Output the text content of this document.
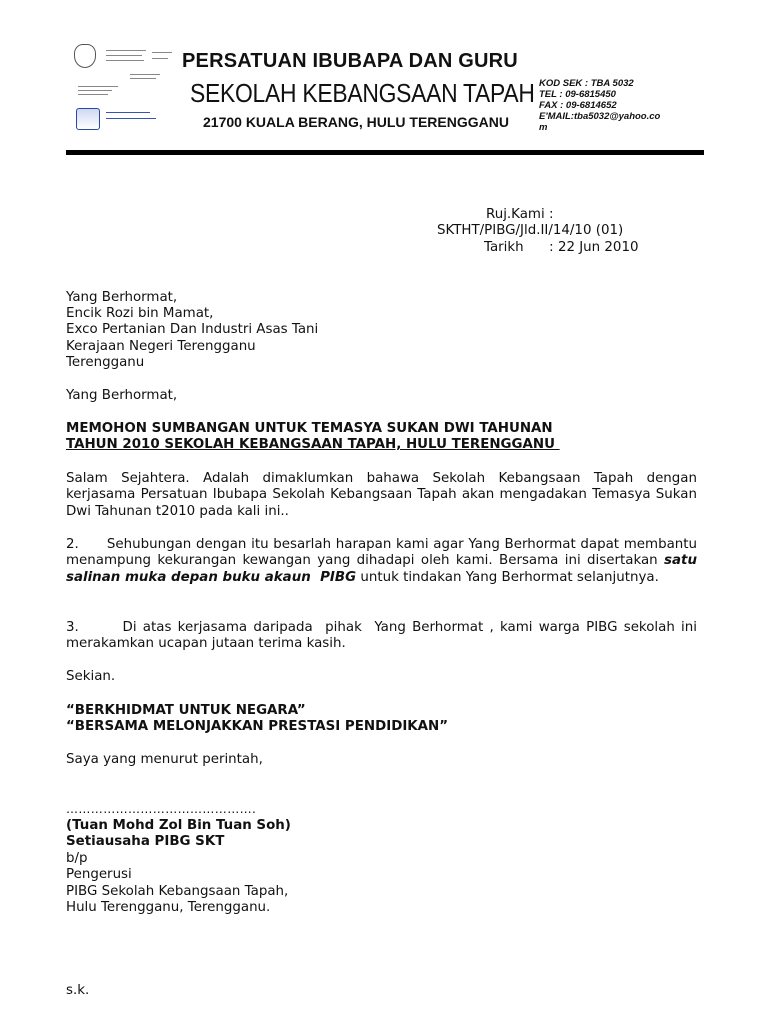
PERSATUAN IBUBAPA DAN GURU
SEKOLAH KEBANGSAAN TAPAH
21700 KUALA BERANG, HULU TERENGGANU
KOD SEK : TBA 5032
TEL : 09-6815450
FAX : 09-6814652
E'MAIL:tba5032@yahoo.co
m
Ruj.Kami :
SKTHT/PIBG/Jld.II/14/10 (01)
Tarikh      : 22 Jun 2010
Yang Berhormat,
Encik Rozi bin Mamat,
Exco Pertanian Dan Industri Asas Tani
Kerajaan Negeri Terengganu
Terengganu
Yang Berhormat,
MEMOHON SUMBANGAN UNTUK TEMASYA SUKAN DWI TAHUNAN
TAHUN 2010 SEKOLAH KEBANGSAAN TAPAH, HULU TERENGGANU
Salam Sejahtera. Adalah dimaklumkan bahawa Sekolah Kebangsaan Tapah dengan kerjasama Persatuan Ibubapa Sekolah Kebangsaan Tapah akan mengadakan Temasya Sukan Dwi Tahunan t2010 pada kali ini..
2.      Sehubungan dengan itu besarlah harapan kami agar Yang Berhormat dapat membantu menampung kekurangan kewangan yang dihadapi oleh kami. Bersama ini disertakan satu salinan muka depan buku akaun  PIBG untuk tindakan Yang Berhormat selanjutnya.
3.       Di atas kerjasama daripada  pihak  Yang Berhormat , kami warga PIBG sekolah ini merakamkan ucapan jutaan terima kasih.
Sekian.
“BERKHIDMAT UNTUK NEGARA”
“BERSAMA MELONJAKKAN PRESTASI PENDIDIKAN”
Saya yang menurut perintah,
……………………………………….
(Tuan Mohd Zol Bin Tuan Soh)
Setiausaha PIBG SKT
b/p
Pengerusi
PIBG Sekolah Kebangsaan Tapah,
Hulu Terengganu, Terengganu.
s.k.
